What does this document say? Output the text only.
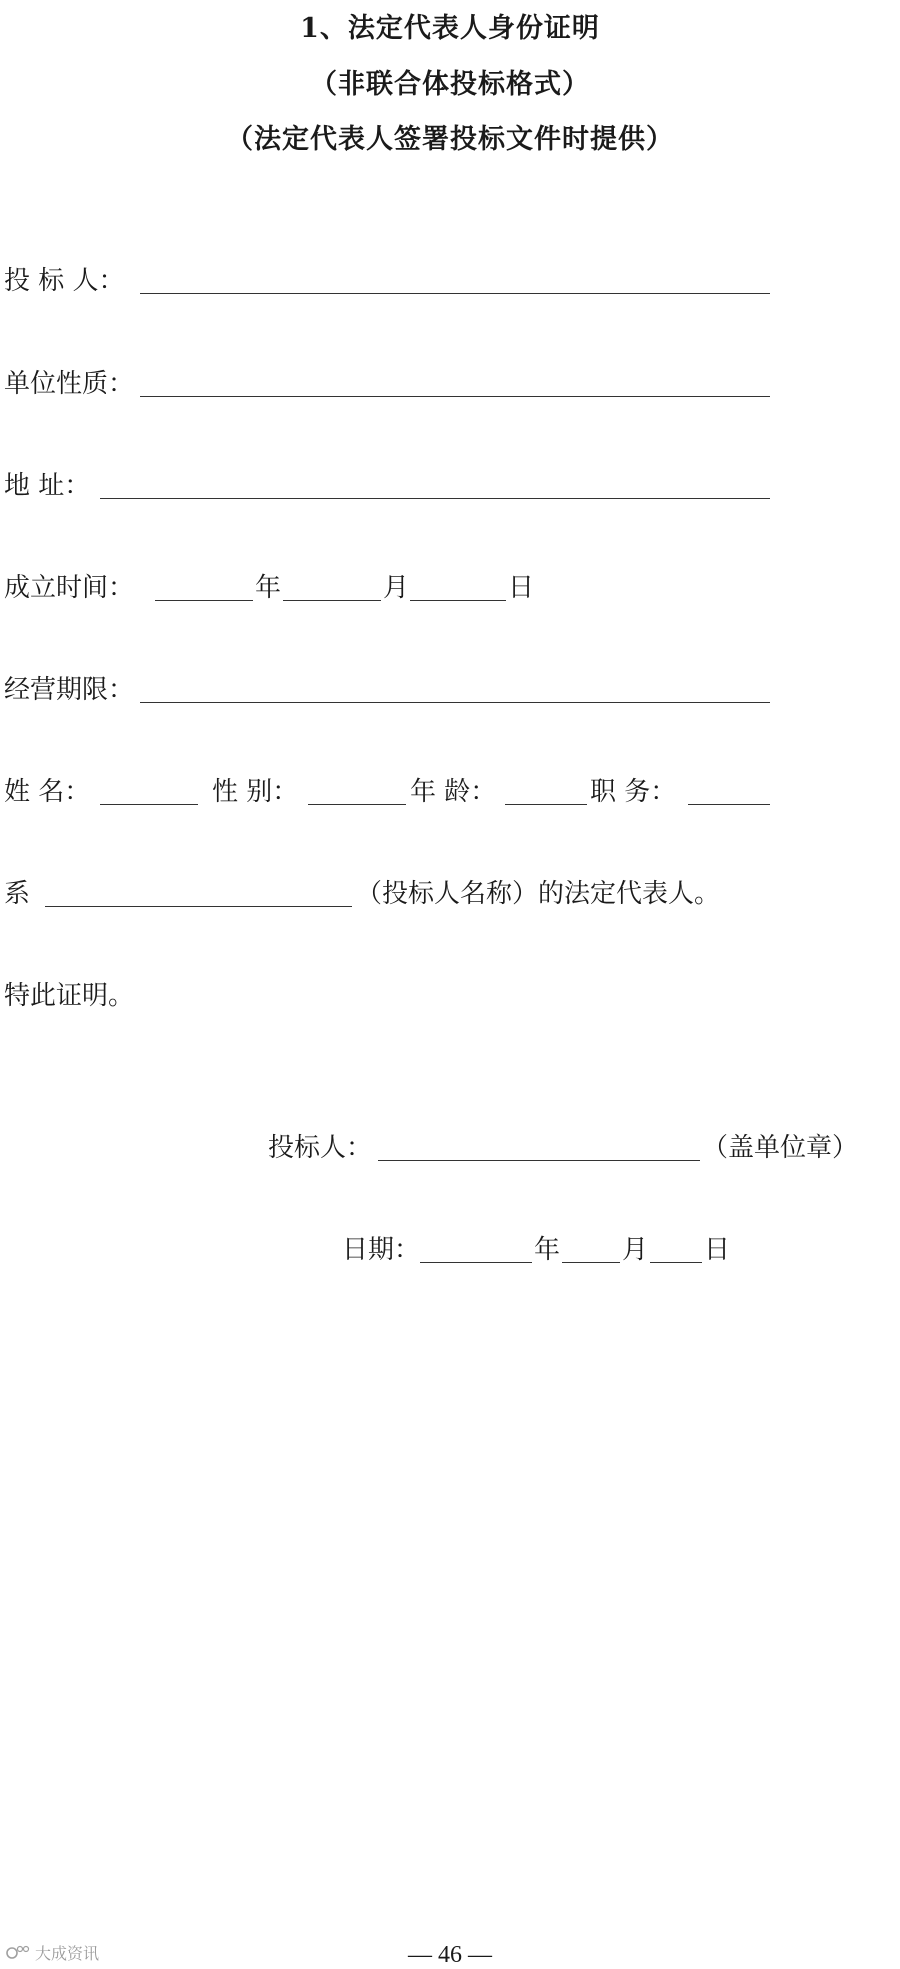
1、法定代表人身份证明
（非联合体投标格式）
（法定代表人签署投标文件时提供）
投 标 人：
单位性质：
地 址：
成立时间：	年	月	日
经营期限：
姓 名：	性 别：	年 龄：	职 务：
系	（投标人名称）的法定代表人。
特此证明。
投标人：	（盖单位章）
日期：	年 月 日
大成资讯	— 46 —
